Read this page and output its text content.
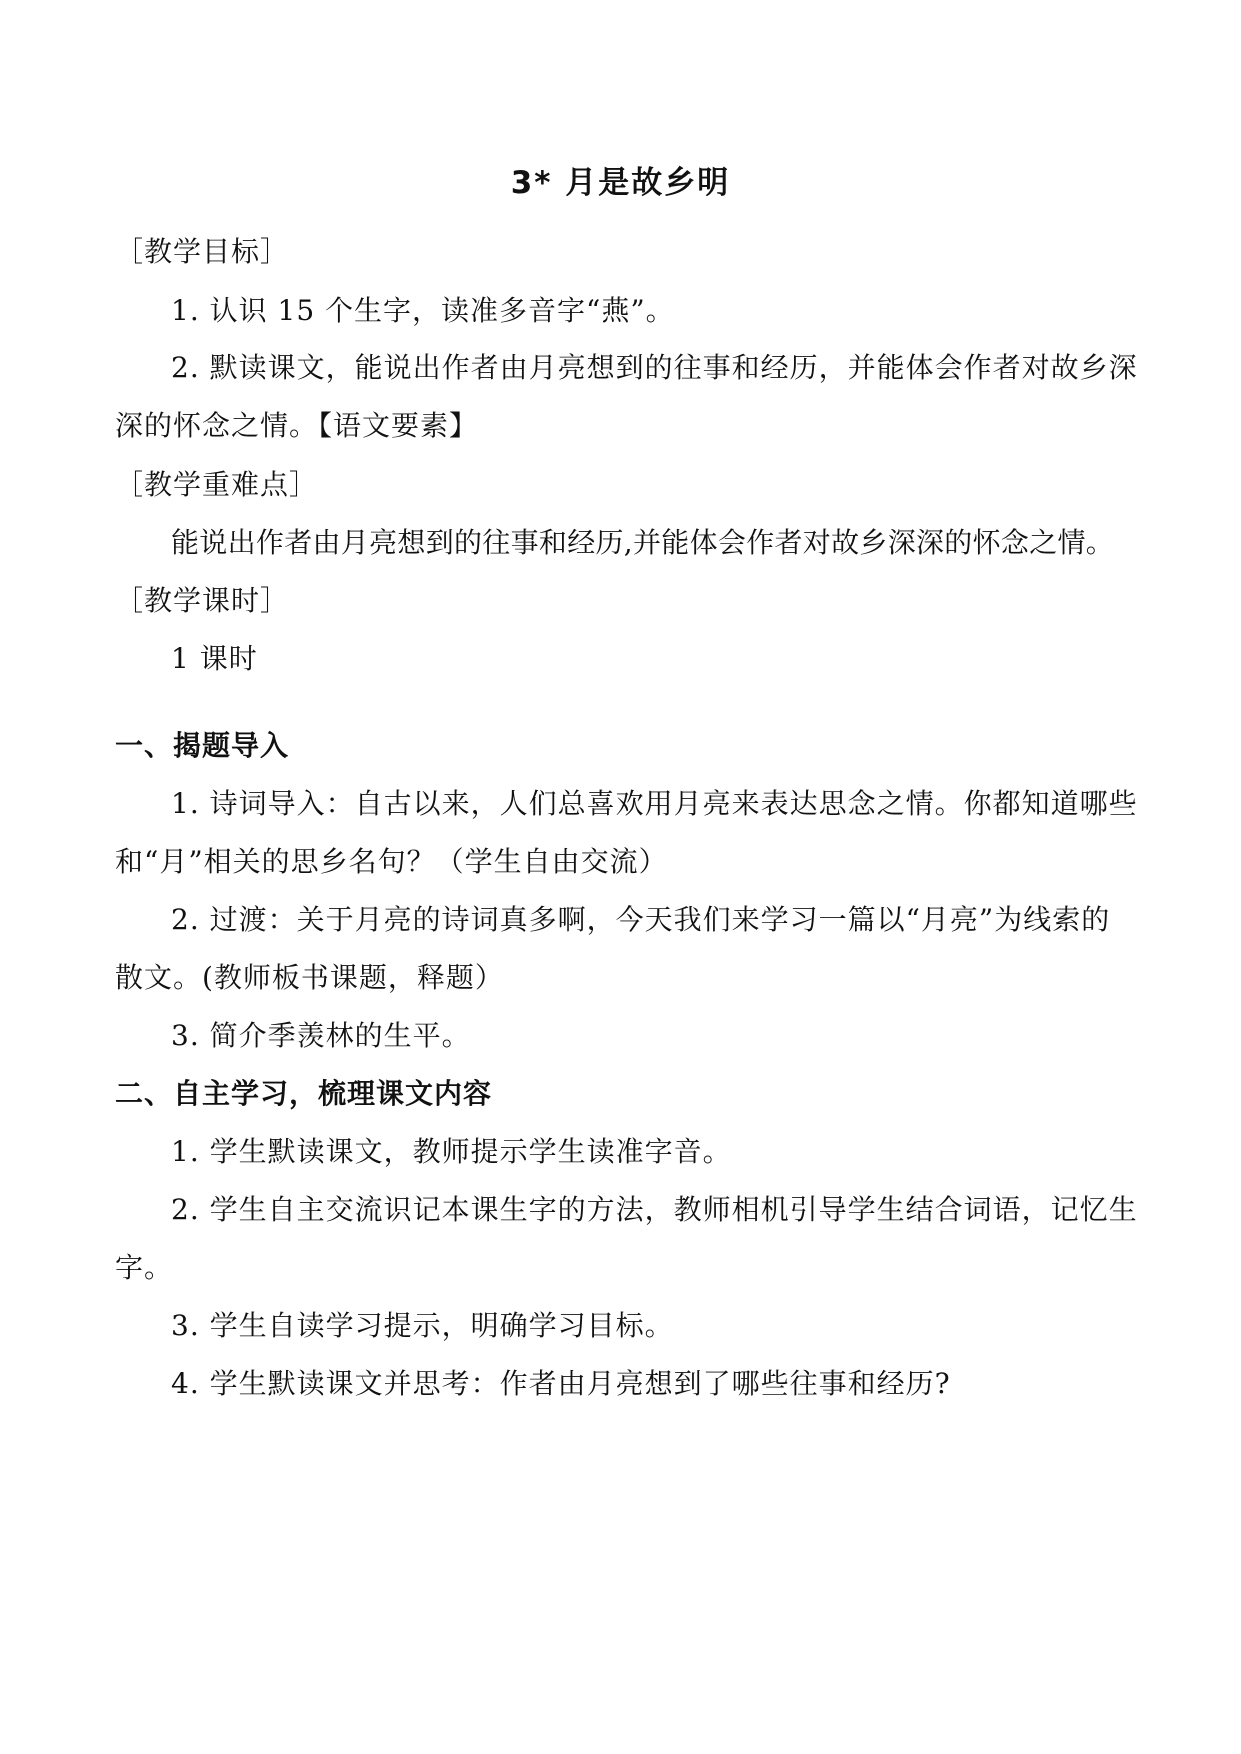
3* 月是故乡明
［教学目标］
1. 认识 15 个生字，读准多音字“燕”。
2. 默读课文，能说出作者由月亮想到的往事和经历，并能体会作者对故乡深
深的怀念之情。【语文要素】
［教学重难点］
能说出作者由月亮想到的往事和经历,并能体会作者对故乡深深的怀念之情。
［教学课时］
1 课时
一、揭题导入
1. 诗词导入：自古以来，人们总喜欢用月亮来表达思念之情。你都知道哪些
和“月”相关的思乡名句？（学生自由交流）
2. 过渡：关于月亮的诗词真多啊，今天我们来学习一篇以“月亮”为线索的
散文。(教师板书课题，释题）
3. 简介季羡林的生平。
二、自主学习，梳理课文内容
1. 学生默读课文，教师提示学生读准字音。
2. 学生自主交流识记本课生字的方法，教师相机引导学生结合词语，记忆生
字。
3. 学生自读学习提示，明确学习目标。
4. 学生默读课文并思考：作者由月亮想到了哪些往事和经历?
